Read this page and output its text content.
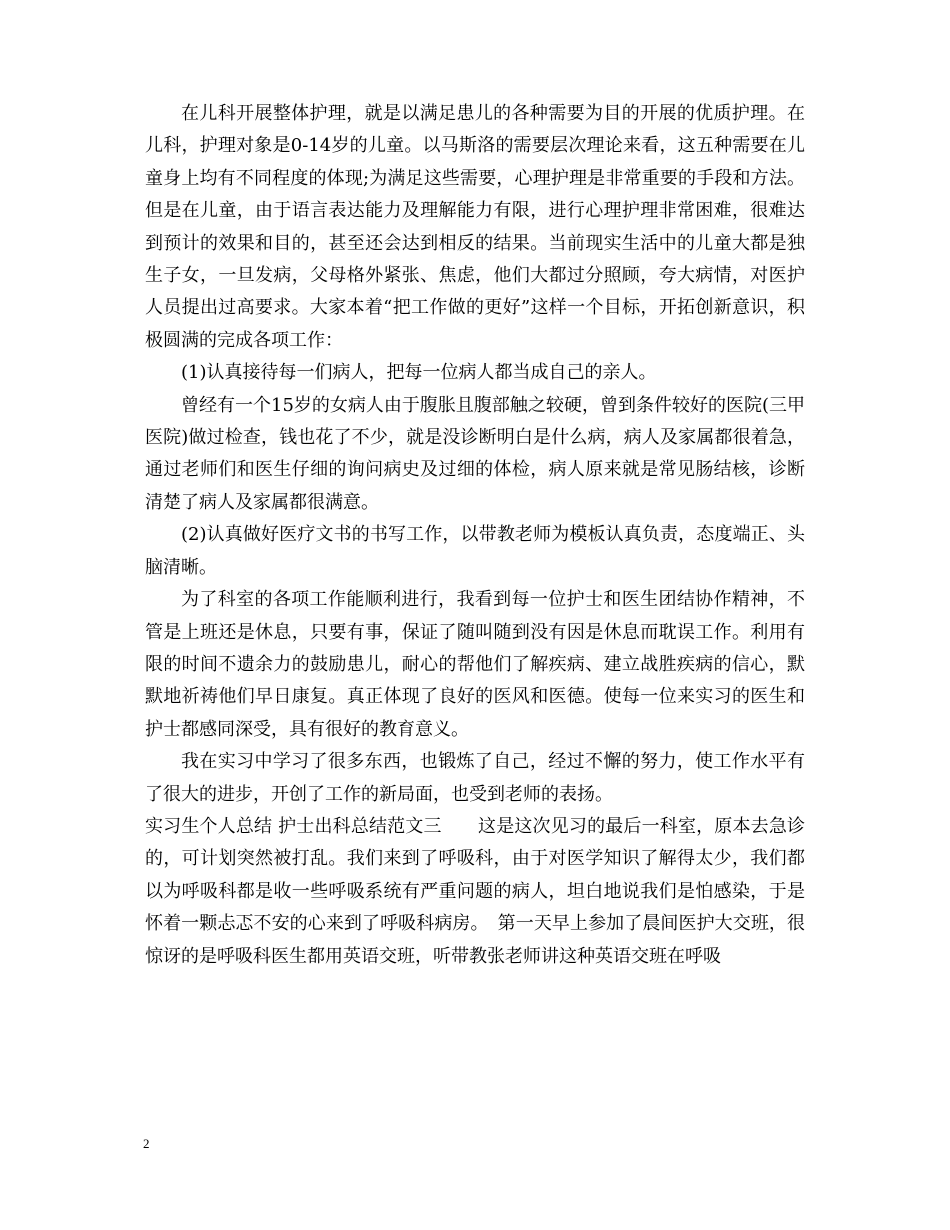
在儿科开展整体护理，就是以满足患儿的各种需要为目的开展的优质护理。在儿科，护理对象是0-14岁的儿童。以马斯洛的需要层次理论来看，这五种需要在儿童身上均有不同程度的体现;为满足这些需要，心理护理是非常重要的手段和方法。但是在儿童，由于语言表达能力及理解能力有限，进行心理护理非常困难，很难达到预计的效果和目的，甚至还会达到相反的结果。当前现实生活中的儿童大都是独生子女，一旦发病，父母格外紧张、焦虑，他们大都过分照顾，夸大病情，对医护人员提出过高要求。大家本着“把工作做的更好”这样一个目标，开拓创新意识，积极圆满的完成各项工作：

(1)认真接待每一们病人，把每一位病人都当成自己的亲人。

曾经有一个15岁的女病人由于腹胀且腹部触之较硬，曾到条件较好的医院(三甲医院)做过检查，钱也花了不少，就是没诊断明白是什么病，病人及家属都很着急，通过老师们和医生仔细的询问病史及过细的体检，病人原来就是常见肠结核，诊断清楚了病人及家属都很满意。

(2)认真做好医疗文书的书写工作，以带教老师为模板认真负责，态度端正、头脑清晰。

为了科室的各项工作能顺利进行，我看到每一位护士和医生团结协作精神，不管是上班还是休息，只要有事，保证了随叫随到没有因是休息而耽误工作。利用有限的时间不遗余力的鼓励患儿，耐心的帮他们了解疾病、建立战胜疾病的信心，默默地祈祷他们早日康复。真正体现了良好的医风和医德。使每一位来实习的医生和护士都感同深受，具有很好的教育意义。

我在实习中学习了很多东西，也锻炼了自己，经过不懈的努力，使工作水平有了很大的进步，开创了工作的新局面，也受到老师的表扬。

实习生个人总结 护士出科总结范文三　　这是这次见习的最后一科室，原本去急诊的，可计划突然被打乱。我们来到了呼吸科，由于对医学知识了解得太少，我们都以为呼吸科都是收一些呼吸系统有严重问题的病人，坦白地说我们是怕感染，于是怀着一颗忐忑不安的心来到了呼吸科病房。　第一天早上参加了晨间医护大交班，很惊讶的是呼吸科医生都用英语交班，听带教张老师讲这种英语交班在呼吸

2
